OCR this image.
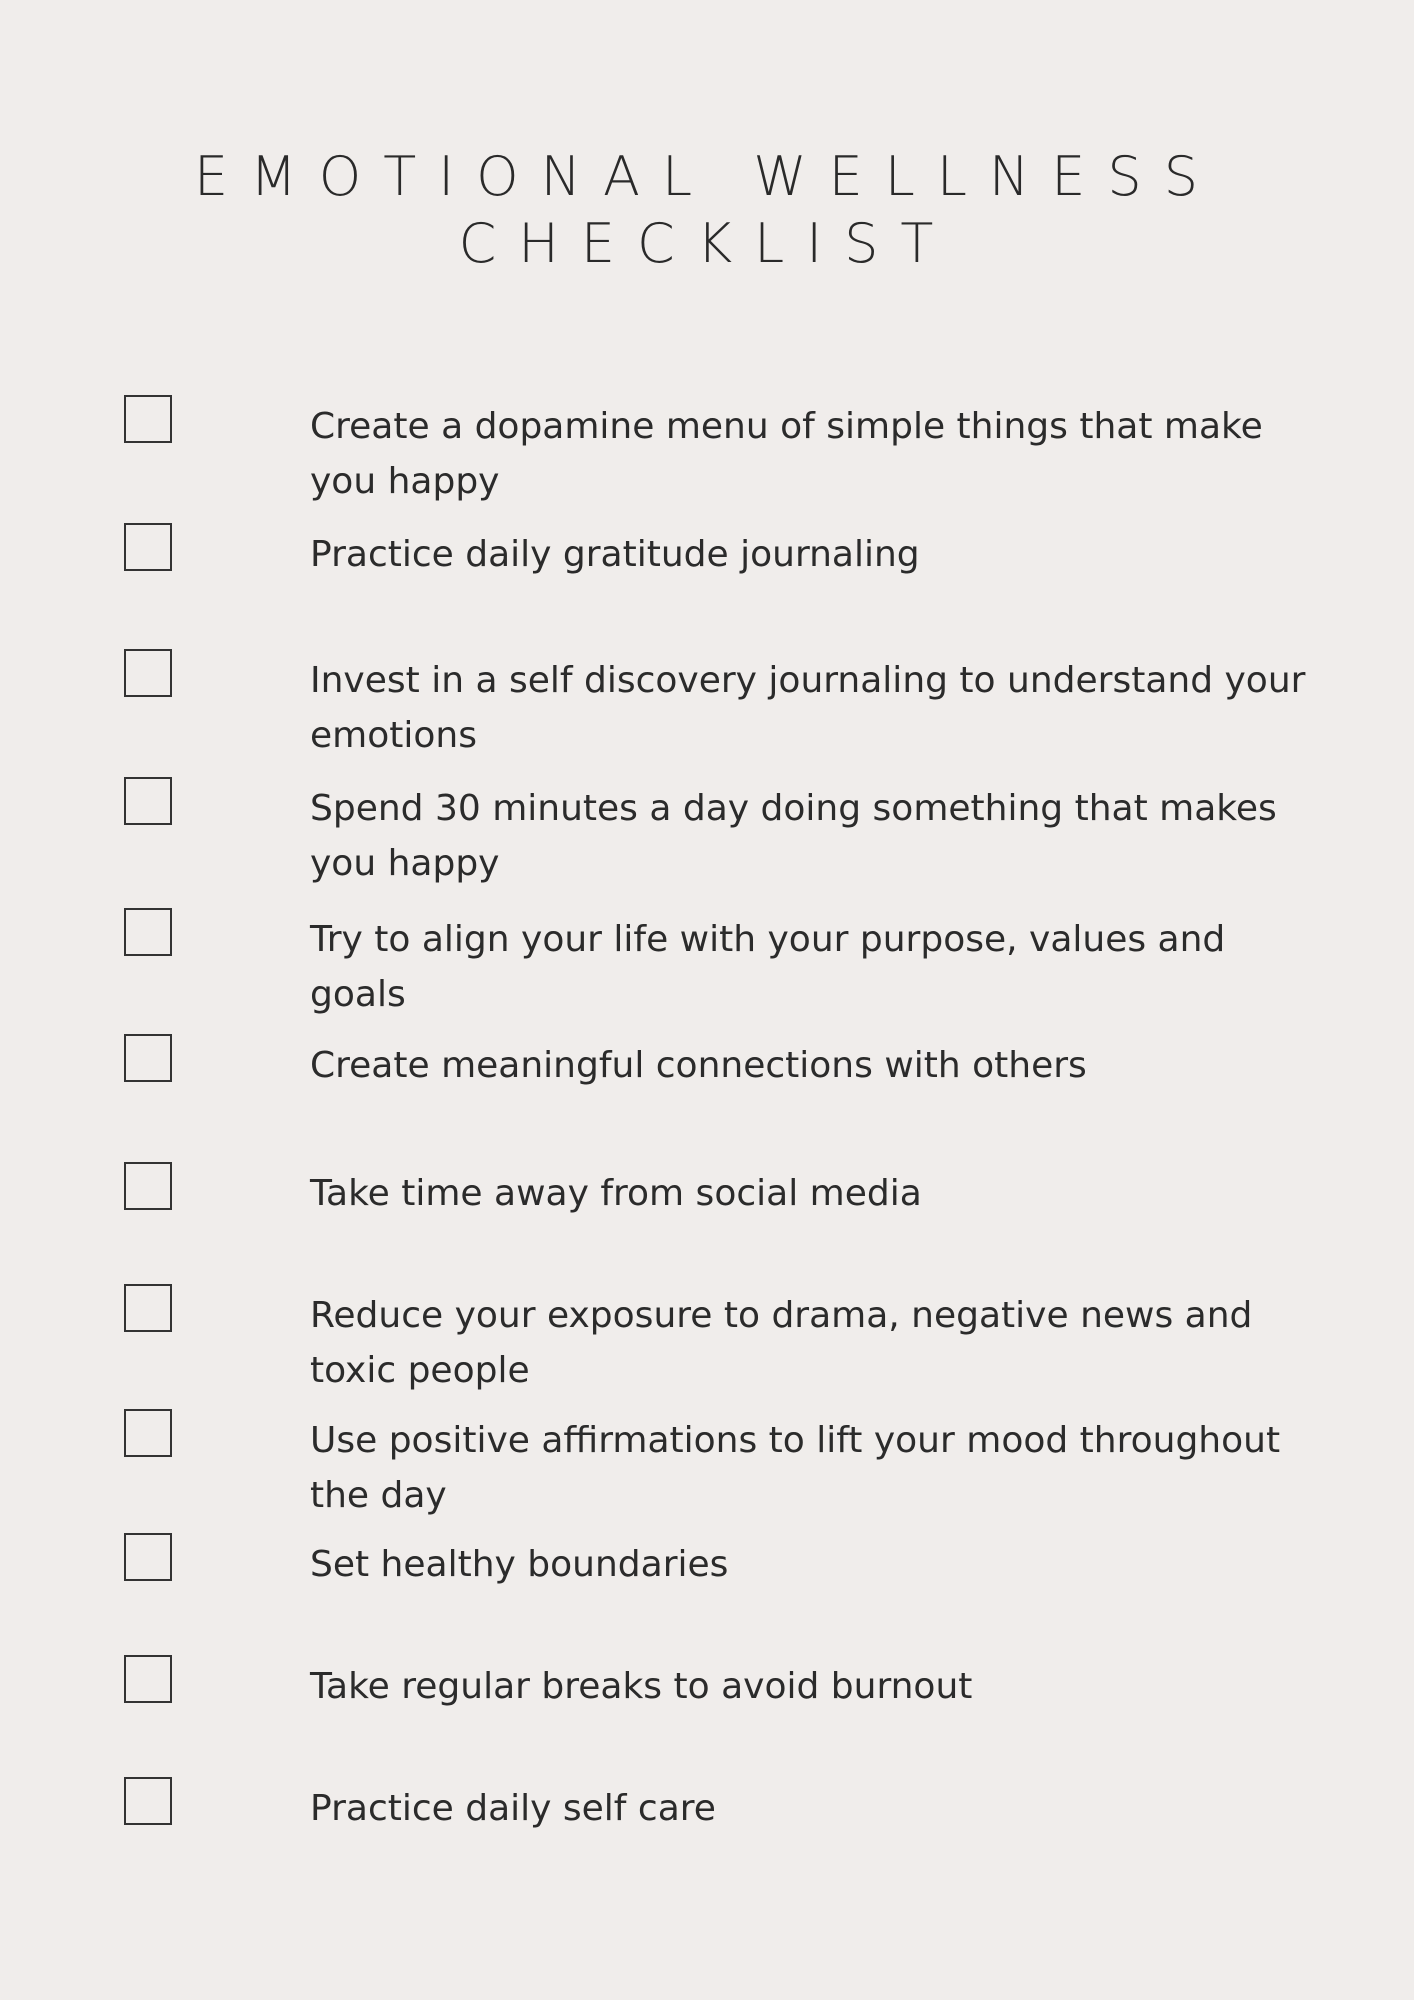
EMOTIONAL WELLNESS
CHECKLIST
Create a dopamine menu of simple things that make you happy
Practice daily gratitude journaling
Invest in a self discovery journaling to understand your emotions
Spend 30 minutes a day doing something that makes you happy
Try to align your life with your purpose, values and goals
Create meaningful connections with others
Take time away from social media
Reduce your exposure to drama, negative news and toxic people
Use positive affirmations to lift your mood throughout the day
Set healthy boundaries
Take regular breaks to avoid burnout
Practice daily self care
